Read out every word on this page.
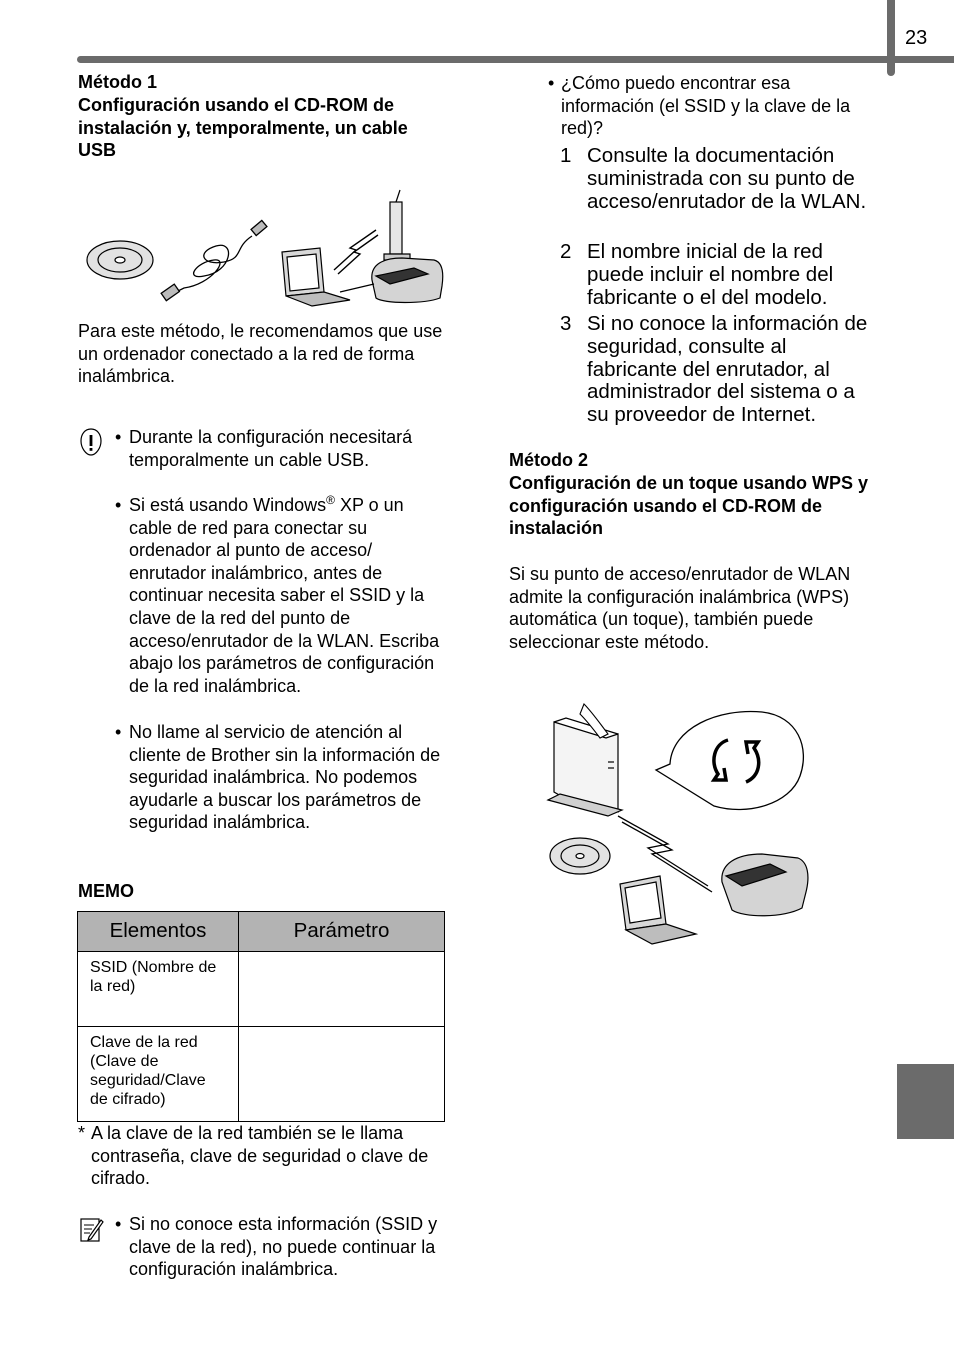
23
Método 1
Configuración usando el CD-ROM de instalación y, temporalmente, un cable USB
Para este método, le recomendamos que use un ordenador conectado a la red de forma inalámbrica.
• Durante la configuración necesitará temporalmente un cable USB.
• Si está usando Windows® XP o un cable de red para conectar su ordenador al punto de acceso/ enrutador inalámbrico, antes de continuar necesita saber el SSID y la clave de la red del punto de acceso/enrutador de la WLAN. Escriba abajo los parámetros de configuración de la red inalámbrica.
• No llame al servicio de atención al cliente de Brother sin la información de seguridad inalámbrica. No podemos ayudarle a buscar los parámetros de seguridad inalámbrica.
MEMO
Elementos	Parámetro
SSID (Nombre de la red)	
Clave de la red (Clave de seguridad/Clave de cifrado)	
* A la clave de la red también se le llama contraseña, clave de seguridad o clave de cifrado.
• Si no conoce esta información (SSID y clave de la red), no puede continuar la configuración inalámbrica.
• ¿Cómo puedo encontrar esa información (el SSID y la clave de la red)?
1 Consulte la documentación suministrada con su punto de acceso/enrutador de la WLAN.
2 El nombre inicial de la red puede incluir el nombre del fabricante o el del modelo.
3 Si no conoce la información de seguridad, consulte al fabricante del enrutador, al administrador del sistema o a su proveedor de Internet.
Método 2
Configuración de un toque usando WPS y configuración usando el CD-ROM de instalación
Si su punto de acceso/enrutador de WLAN admite la configuración inalámbrica (WPS) automática (un toque), también puede seleccionar este método.
